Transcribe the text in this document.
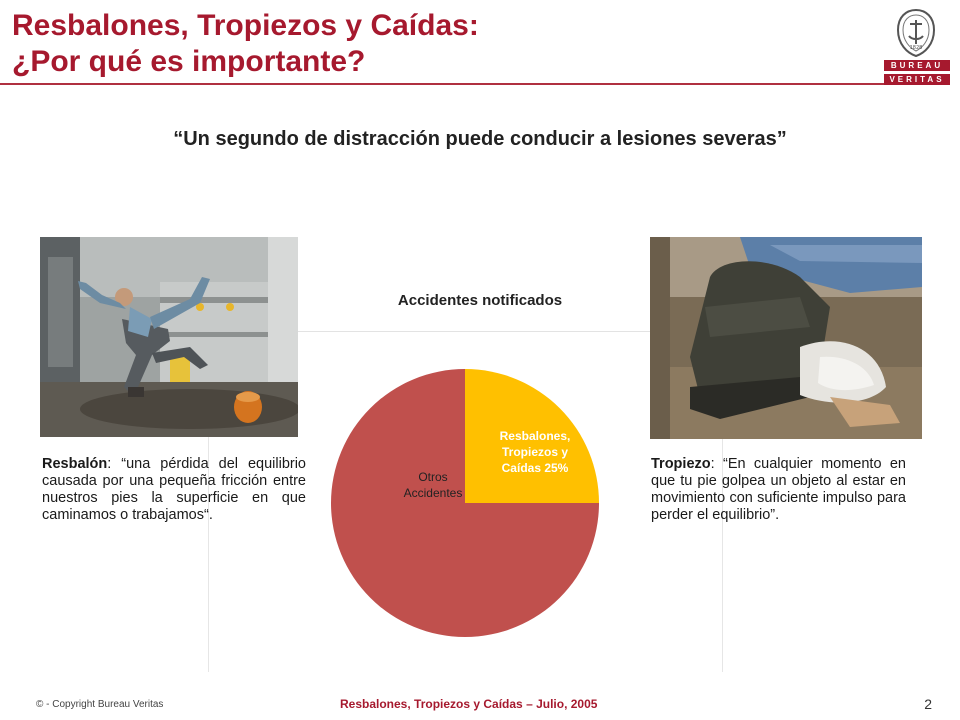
Resbalones, Tropiezos y Caídas:
¿Por qué es importante?	1828
BUREAU
VERITAS
“Un segundo de distracción puede conducir a lesiones severas”

Resbalón: “una pérdida del equilibrio causada por una pequeña fricción entre nuestros pies la superficie en que caminamos o trabajamos“.

Tropiezo: “En cualquier momento en que tu pie golpea un objeto al estar en movimiento con suficiente impulso para perder el equilibrio”.

Accidentes notificados
Resbalones, Tropiezos y Caídas 25%
Otros Accidentes
© - Copyright Bureau Veritas	Resbalones, Tropiezos y Caídas – Julio, 2005	2
